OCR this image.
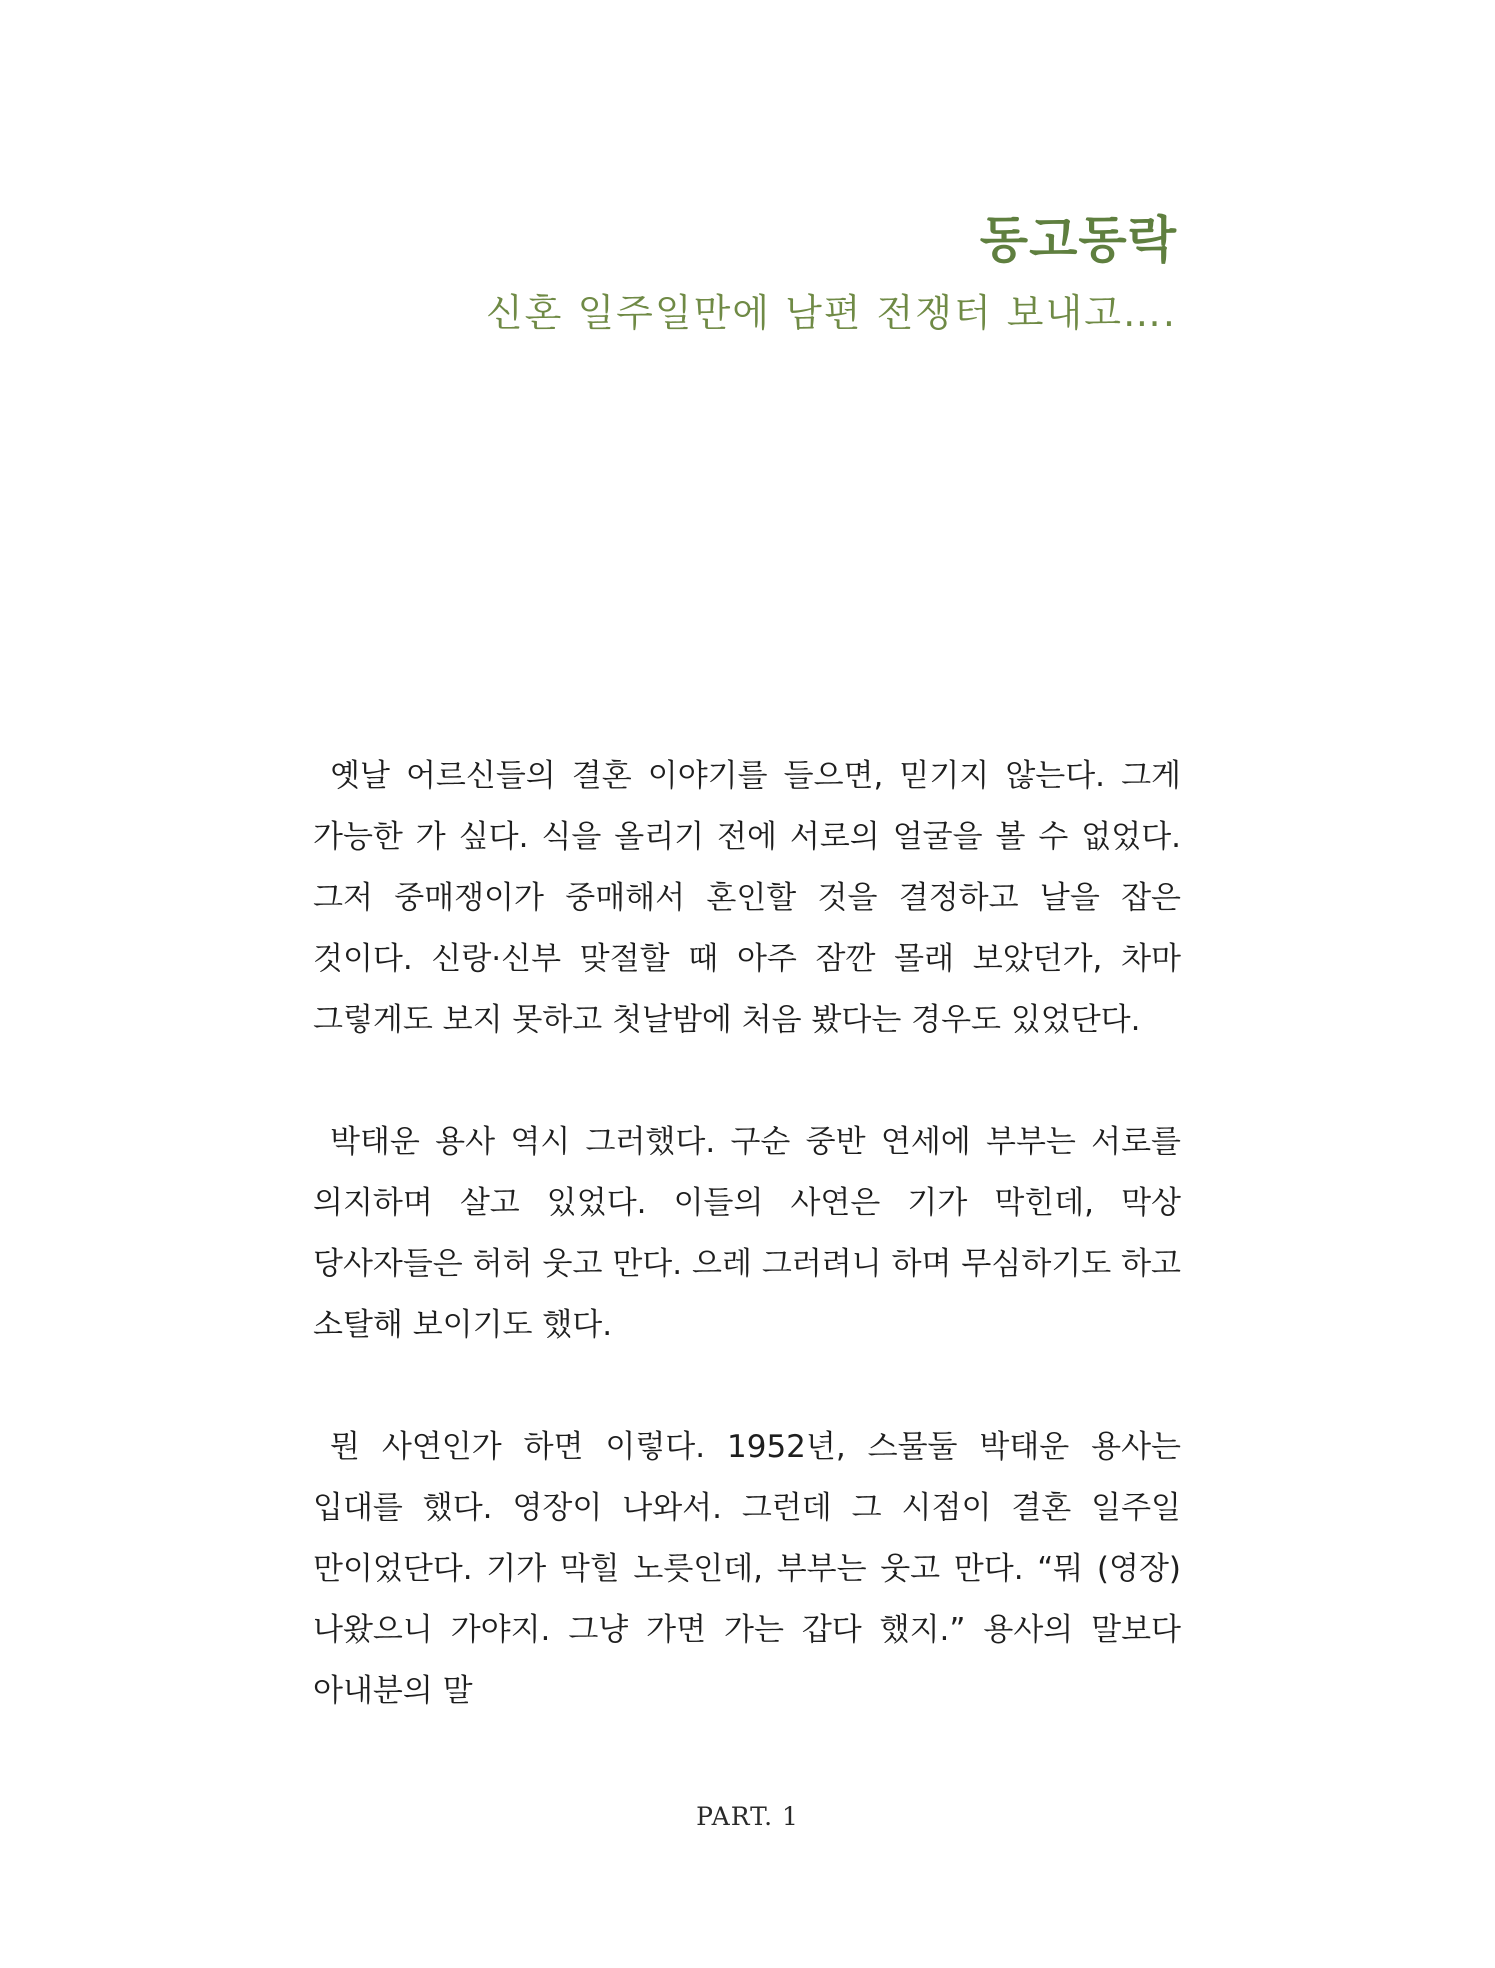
동고동락

신혼 일주일만에 남편 전쟁터 보내고….

옛날 어르신들의 결혼 이야기를 들으면, 믿기지 않는다. 그게 가능한 가 싶다. 식을 올리기 전에 서로의 얼굴을 볼 수 없었다. 그저 중매쟁이가 중매해서 혼인할 것을 결정하고 날을 잡은 것이다. 신랑·신부 맞절할 때 아주 잠깐 몰래 보았던가, 차마 그렇게도 보지 못하고 첫날밤에 처음 봤다는 경우도 있었단다.

박태운 용사 역시 그러했다. 구순 중반 연세에 부부는 서로를 의지하며 살고 있었다. 이들의 사연은 기가 막힌데, 막상 당사자들은 허허 웃고 만다. 으레 그러려니 하며 무심하기도 하고 소탈해 보이기도 했다.

뭔 사연인가 하면 이렇다. 1952년, 스물둘 박태운 용사는 입대를 했다. 영장이 나와서. 그런데 그 시점이 결혼 일주일 만이었단다. 기가 막힐 노릇인데, 부부는 웃고 만다. “뭐 (영장) 나왔으니 가야지. 그냥 가면 가는 갑다 했지.” 용사의 말보다 아내분의 말

PART. 1
